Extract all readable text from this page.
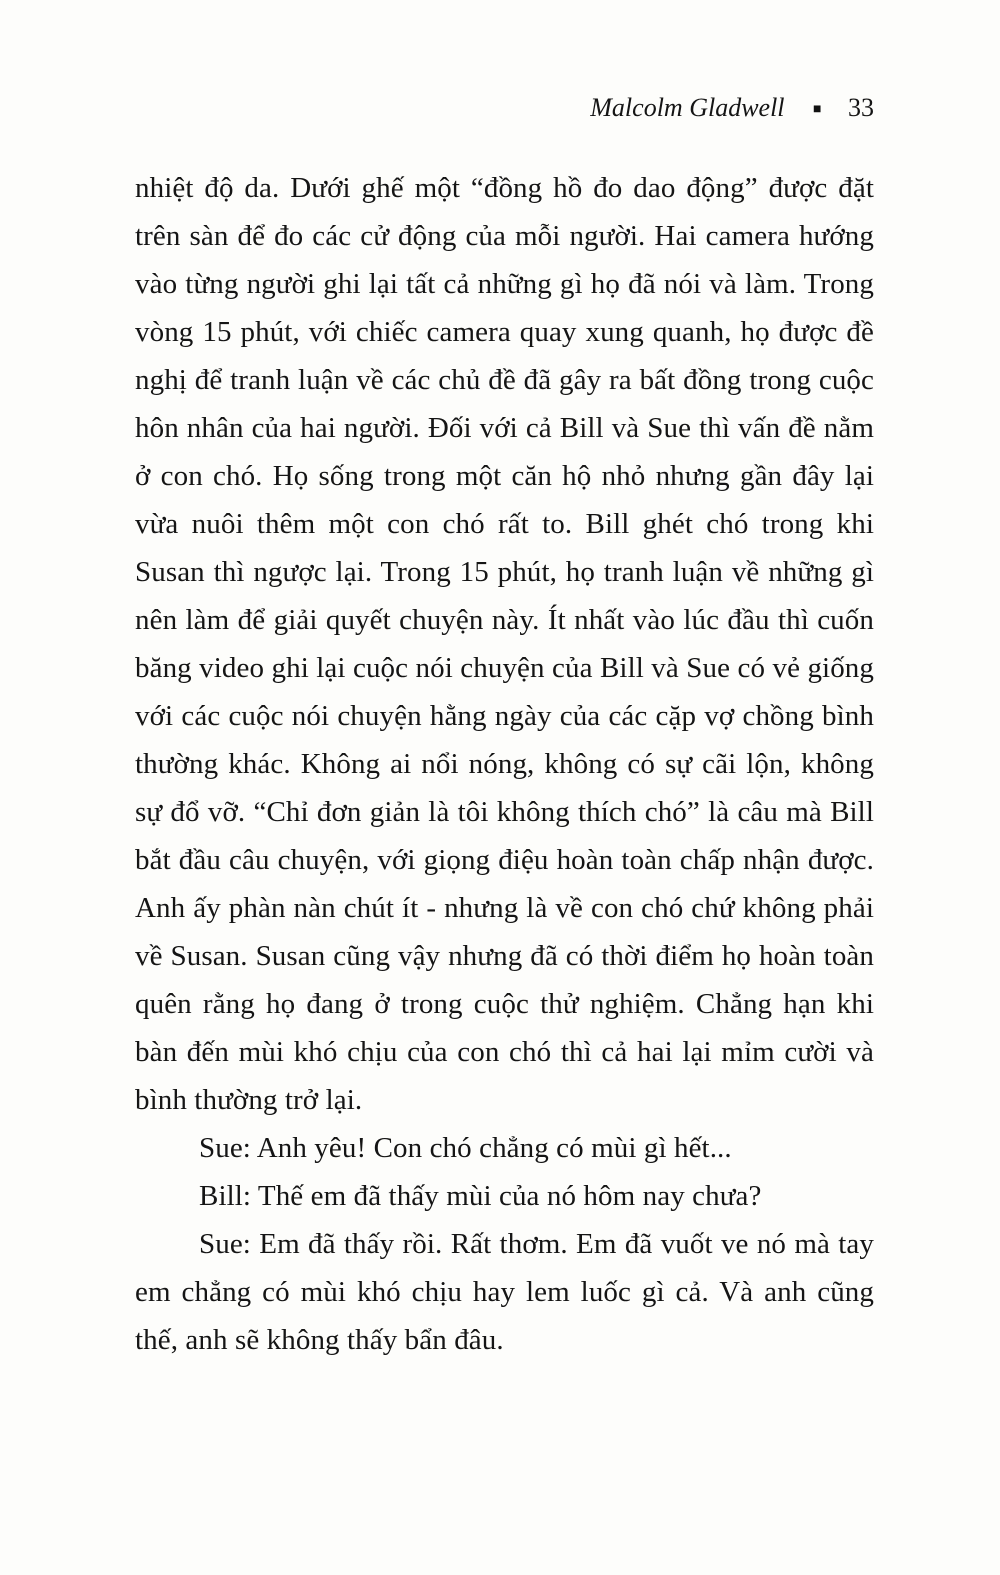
Malcolm Gladwell ■ 33

nhiệt độ da. Dưới ghế một “đồng hồ đo dao động” được đặt trên sàn để đo các cử động của mỗi người. Hai camera hướng vào từng người ghi lại tất cả những gì họ đã nói và làm. Trong vòng 15 phút, với chiếc camera quay xung quanh, họ được đề nghị để tranh luận về các chủ đề đã gây ra bất đồng trong cuộc hôn nhân của hai người. Đối với cả Bill và Sue thì vấn đề nằm ở con chó. Họ sống trong một căn hộ nhỏ nhưng gần đây lại vừa nuôi thêm một con chó rất to. Bill ghét chó trong khi Susan thì ngược lại. Trong 15 phút, họ tranh luận về những gì nên làm để giải quyết chuyện này. Ít nhất vào lúc đầu thì cuốn băng video ghi lại cuộc nói chuyện của Bill và Sue có vẻ giống với các cuộc nói chuyện hằng ngày của các cặp vợ chồng bình thường khác. Không ai nổi nóng, không có sự cãi lộn, không sự đổ vỡ. “Chỉ đơn giản là tôi không thích chó” là câu mà Bill bắt đầu câu chuyện, với giọng điệu hoàn toàn chấp nhận được. Anh ấy phàn nàn chút ít - nhưng là về con chó chứ không phải về Susan. Susan cũng vậy nhưng đã có thời điểm họ hoàn toàn quên rằng họ đang ở trong cuộc thử nghiệm. Chẳng hạn khi bàn đến mùi khó chịu của con chó thì cả hai lại mỉm cười và bình thường trở lại.

Sue: Anh yêu! Con chó chẳng có mùi gì hết...

Bill: Thế em đã thấy mùi của nó hôm nay chưa?

Sue: Em đã thấy rồi. Rất thơm. Em đã vuốt ve nó mà tay em chẳng có mùi khó chịu hay lem luốc gì cả. Và anh cũng thế, anh sẽ không thấy bẩn đâu.
